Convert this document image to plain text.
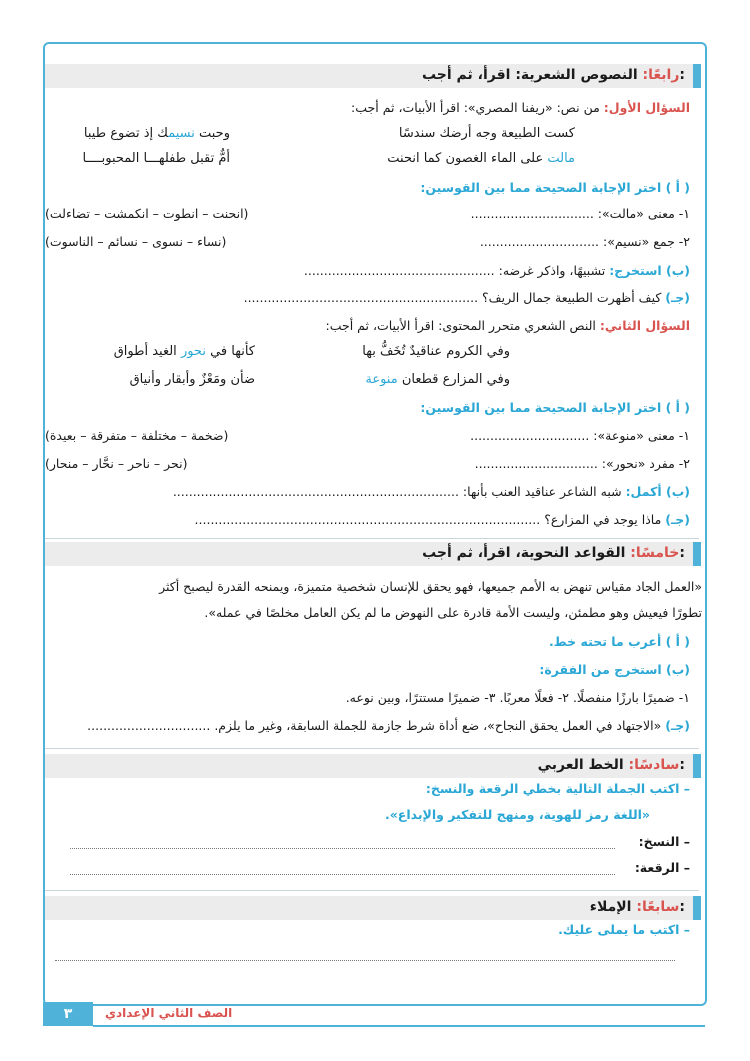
رابعًا: النصوص الشعرية: اقرأ، ثم أجب:
السؤال الأول: من نص: «ريفنا المصري»: اقرأ الأبيات، ثم أجب:
كست الطبيعة وجه أرضك سندسًا
وحبت نسيمك إذ تضوع طيبا
مالت على الماء الغصون كما انحنت
أمٌّ تقبل طفلهـــا المحبوبــــا
( أ ) اختر الإجابة الصحيحة مما بين القوسين:
١- معنى «مالت»: ...............................
(انحنت – انطوت – انكمشت – تضاءلت)
٢- جمع «نسيم»: ..............................
(نساء – نسوى – نسائم – الناسوت)
(ب) استخرج: تشبيهًا، واذكر غرضه: ................................................
(جـ) كيف أظهرت الطبيعة جمال الريف؟ ...........................................................
السؤال الثاني: النص الشعري متحرر المحتوى: اقرأ الأبيات، ثم أجب:
وفي الكروم عناقيدٌ تُخَفُّ بها
كأنها في نحور الغيد أطواق
وفي المزارع قطعان منوعة
ضأن ومَعْزٌ وأبقار وأنياق
( أ ) اختر الإجابة الصحيحة مما بين القوسين:
١- معنى «منوعة»: ..............................
(ضخمة – مختلفة – متفرقة – بعيدة)
٢- مفرد «نحور»: ...............................
(نحر – ناحر – نحَّار – منحار)
(ب) أكمل: شبه الشاعر عناقيد العنب بأنها: ........................................................................
(جـ) ماذا يوجد في المزارع؟ .......................................................................................
خامسًا: القواعد النحوية، اقرأ، ثم أجب:
«العمل الجاد مقياس تنهض به الأمم جميعها، فهو يحقق للإنسان شخصية متميزة، ويمنحه القدرة ليصبح أكثر
تطورًا فيعيش وهو مطمئن، وليست الأمة قادرة على النهوض ما لم يكن العامل مخلصًا في عمله».
( أ ) أعرب ما تحته خط.
(ب) استخرج من الفقرة:
١- ضميرًا بارزًا منفصلًا. ٢- فعلًا معربًا. ٣- ضميرًا مستترًا، وبين نوعه.
(جـ) «الاجتهاد في العمل يحقق النجاح»، ضع أداة شرط جازمة للجملة السابقة، وغير ما يلزم. ...............................
سادسًا: الخط العربي:
– اكتب الجملة التالية بخطي الرقعة والنسخ:
«اللغة رمز للهوية، ومنهج للتفكير والإبداع».
– النسخ:
– الرقعة:
سابعًا: الإملاء:
– اكتب ما يملى عليك.
٣	الصف الثاني الإعدادي
